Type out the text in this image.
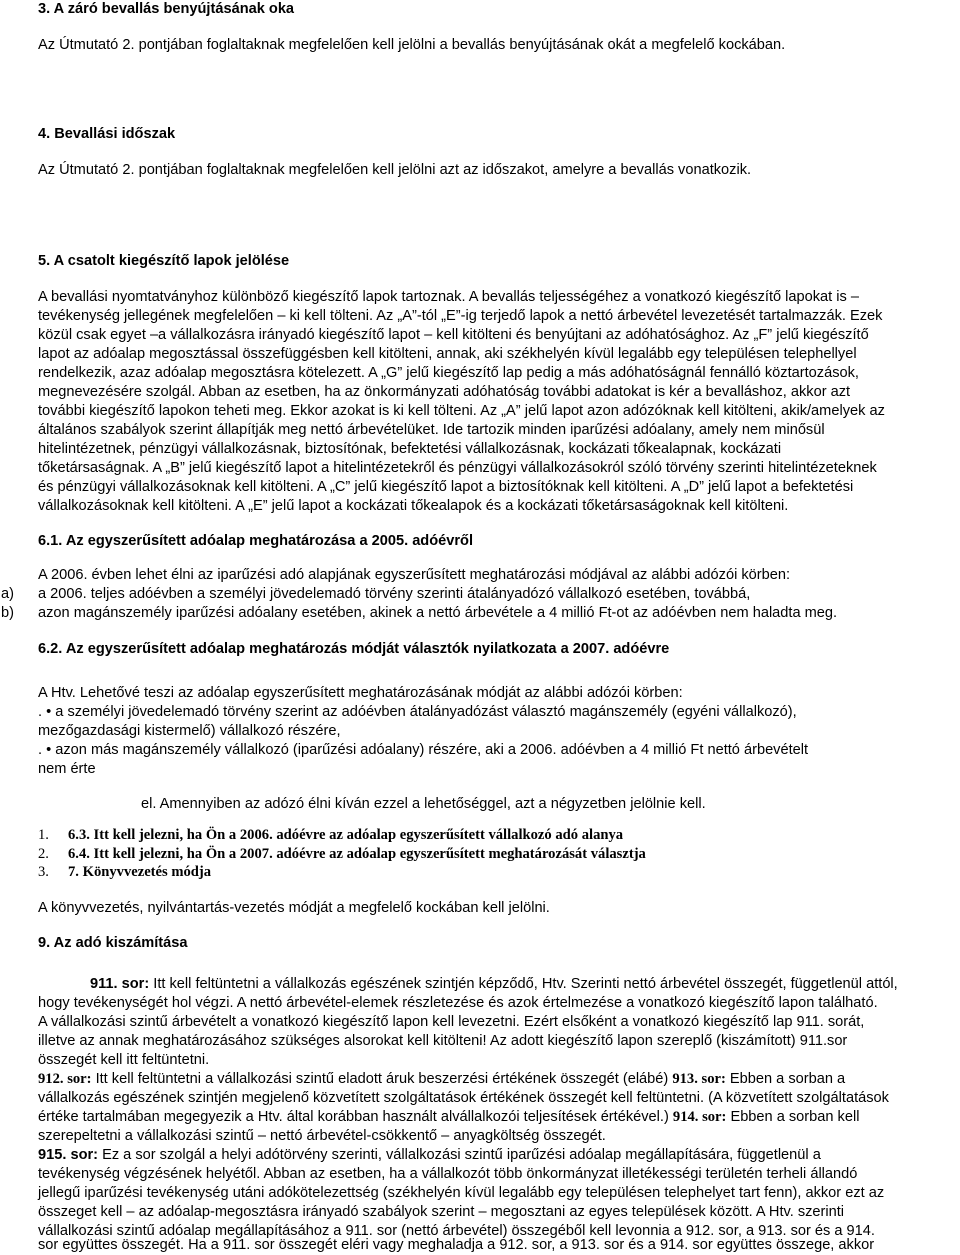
3. A záró bevallás benyújtásának oka
Az Útmutató 2. pontjában foglaltaknak megfelelően kell jelölni a bevallás benyújtásának okát a megfelelő kockában.
4. Bevallási időszak
Az Útmutató 2. pontjában foglaltaknak megfelelően kell jelölni azt az időszakot, amelyre a bevallás vonatkozik.
5. A csatolt kiegészítő lapok jelölése
A bevallási nyomtatványhoz különböző kiegészítő lapok tartoznak. A bevallás teljességéhez a vonatkozó kiegészítő lapokat is –
tevékenység jellegének megfelelően – ki kell tölteni. Az „A”-tól „E”-ig terjedő lapok a nettó árbevétel levezetését tartalmazzák. Ezek
közül csak egyet –a vállalkozásra irányadó kiegészítő lapot – kell kitölteni és benyújtani az adóhatósághoz. Az „F” jelű kiegészítő
lapot az adóalap megosztással összefüggésben kell kitölteni, annak, aki székhelyén kívül legalább egy településen telephellyel
rendelkezik, azaz adóalap megosztásra kötelezett. A „G” jelű kiegészítő lap pedig a más adóhatóságnál fennálló köztartozások,
megnevezésére szolgál. Abban az esetben, ha az önkormányzati adóhatóság további adatokat is kér a bevalláshoz, akkor azt
további kiegészítő lapokon teheti meg. Ekkor azokat is ki kell tölteni. Az „A” jelű lapot azon adózóknak kell kitölteni, akik/amelyek az
általános szabályok szerint állapítják meg nettó árbevételüket. Ide tartozik minden iparűzési adóalany, amely nem minősül
hitelintézetnek, pénzügyi vállalkozásnak, biztosítónak, befektetési vállalkozásnak, kockázati tőkealapnak, kockázati
tőketársaságnak. A „B” jelű kiegészítő lapot a hitelintézetekről és pénzügyi vállalkozásokról szóló törvény szerinti hitelintézeteknek
és pénzügyi vállalkozásoknak kell kitölteni. A „C” jelű kiegészítő lapot a biztosítóknak kell kitölteni. A „D” jelű lapot a befektetési
vállalkozásoknak kell kitölteni. A „E” jelű lapot a kockázati tőkealapok és a kockázati tőketársaságoknak kell kitölteni.
6.1. Az egyszerűsített adóalap meghatározása a 2005. adóévről
A 2006. évben lehet élni az iparűzési adó alapjának egyszerűsített meghatározási módjával az alábbi adózói körben:
a) a 2006. teljes adóévben a személyi jövedelemadó törvény szerinti átalányadózó vállalkozó esetében, továbbá,
b) azon magánszemély iparűzési adóalany esetében, akinek a nettó árbevétele a 4 millió Ft-ot az adóévben nem haladta meg.
6.2. Az egyszerűsített adóalap meghatározás módját választók nyilatkozata a 2007. adóévre
A Htv. Lehetővé teszi az adóalap egyszerűsített meghatározásának módját az alábbi adózói körben:
. • a személyi jövedelemadó törvény szerint az adóévben átalányadózást választó magánszemély (egyéni vállalkozó),
mezőgazdasági kistermelő) vállalkozó részére,
. • azon más magánszemély vállalkozó (iparűzési adóalany) részére, aki a 2006. adóévben a 4 millió Ft nettó árbevételt
nem érte
el. Amennyiben az adózó élni kíván ezzel a lehetőséggel, azt a négyzetben jelölnie kell.
1. 6.3. Itt kell jelezni, ha Ön a 2006. adóévre az adóalap egyszerűsített vállalkozó adó alanya
2. 6.4. Itt kell jelezni, ha Ön a 2007. adóévre az adóalap egyszerűsített meghatározását választja
3. 7. Könyvvezetés módja
A könyvvezetés, nyilvántartás-vezetés módját a megfelelő kockában kell jelölni.
9. Az adó kiszámítása
911. sor: Itt kell feltüntetni a vállalkozás egészének szintjén képződő, Htv. Szerinti nettó árbevétel összegét, függetlenül attól,
hogy tevékenységét hol végzi. A nettó árbevétel-elemek részletezése és azok értelmezése a vonatkozó kiegészítő lapon található.
A vállalkozási szintű árbevételt a vonatkozó kiegészítő lapon kell levezetni. Ezért elsőként a vonatkozó kiegészítő lap 911. sorát,
illetve az annak meghatározásához szükséges alsorokat kell kitölteni! Az adott kiegészítő lapon szereplő (kiszámított) 911.sor
összegét kell itt feltüntetni.
912. sor: Itt kell feltüntetni a vállalkozási szintű eladott áruk beszerzési értékének összegét (elábé) 913. sor: Ebben a sorban a
vállalkozás egészének szintjén megjelenő közvetített szolgáltatások értékének összegét kell feltüntetni. (A közvetített szolgáltatások
értéke tartalmában megegyezik a Htv. által korábban használt alvállalkozói teljesítések értékével.) 914. sor: Ebben a sorban kell
szerepeltetni a vállalkozási szintű – nettó árbevétel-csökkentő – anyagköltség összegét.
915. sor: Ez a sor szolgál a helyi adótörvény szerinti, vállalkozási szintű iparűzési adóalap megállapítására, függetlenül a
tevékenység végzésének helyétől. Abban az esetben, ha a vállalkozót több önkormányzat illetékességi területén terheli állandó
jellegű iparűzési tevékenység utáni adókötelezettség (székhelyén kívül legalább egy településen telephelyet tart fenn), akkor ezt az
összeget kell – az adóalap-megosztásra irányadó szabályok szerint – megosztani az egyes települések között. A Htv. szerinti
vállalkozási szintű adóalap megállapításához a 911. sor (nettó árbevétel) összegéből kell levonnia a 912. sor, a 913. sor és a 914.
sor együttes összegét. Ha a 911. sor összegét eléri vagy meghaladja a 912. sor, a 913. sor és a 914. sor együttes összege, akkor
